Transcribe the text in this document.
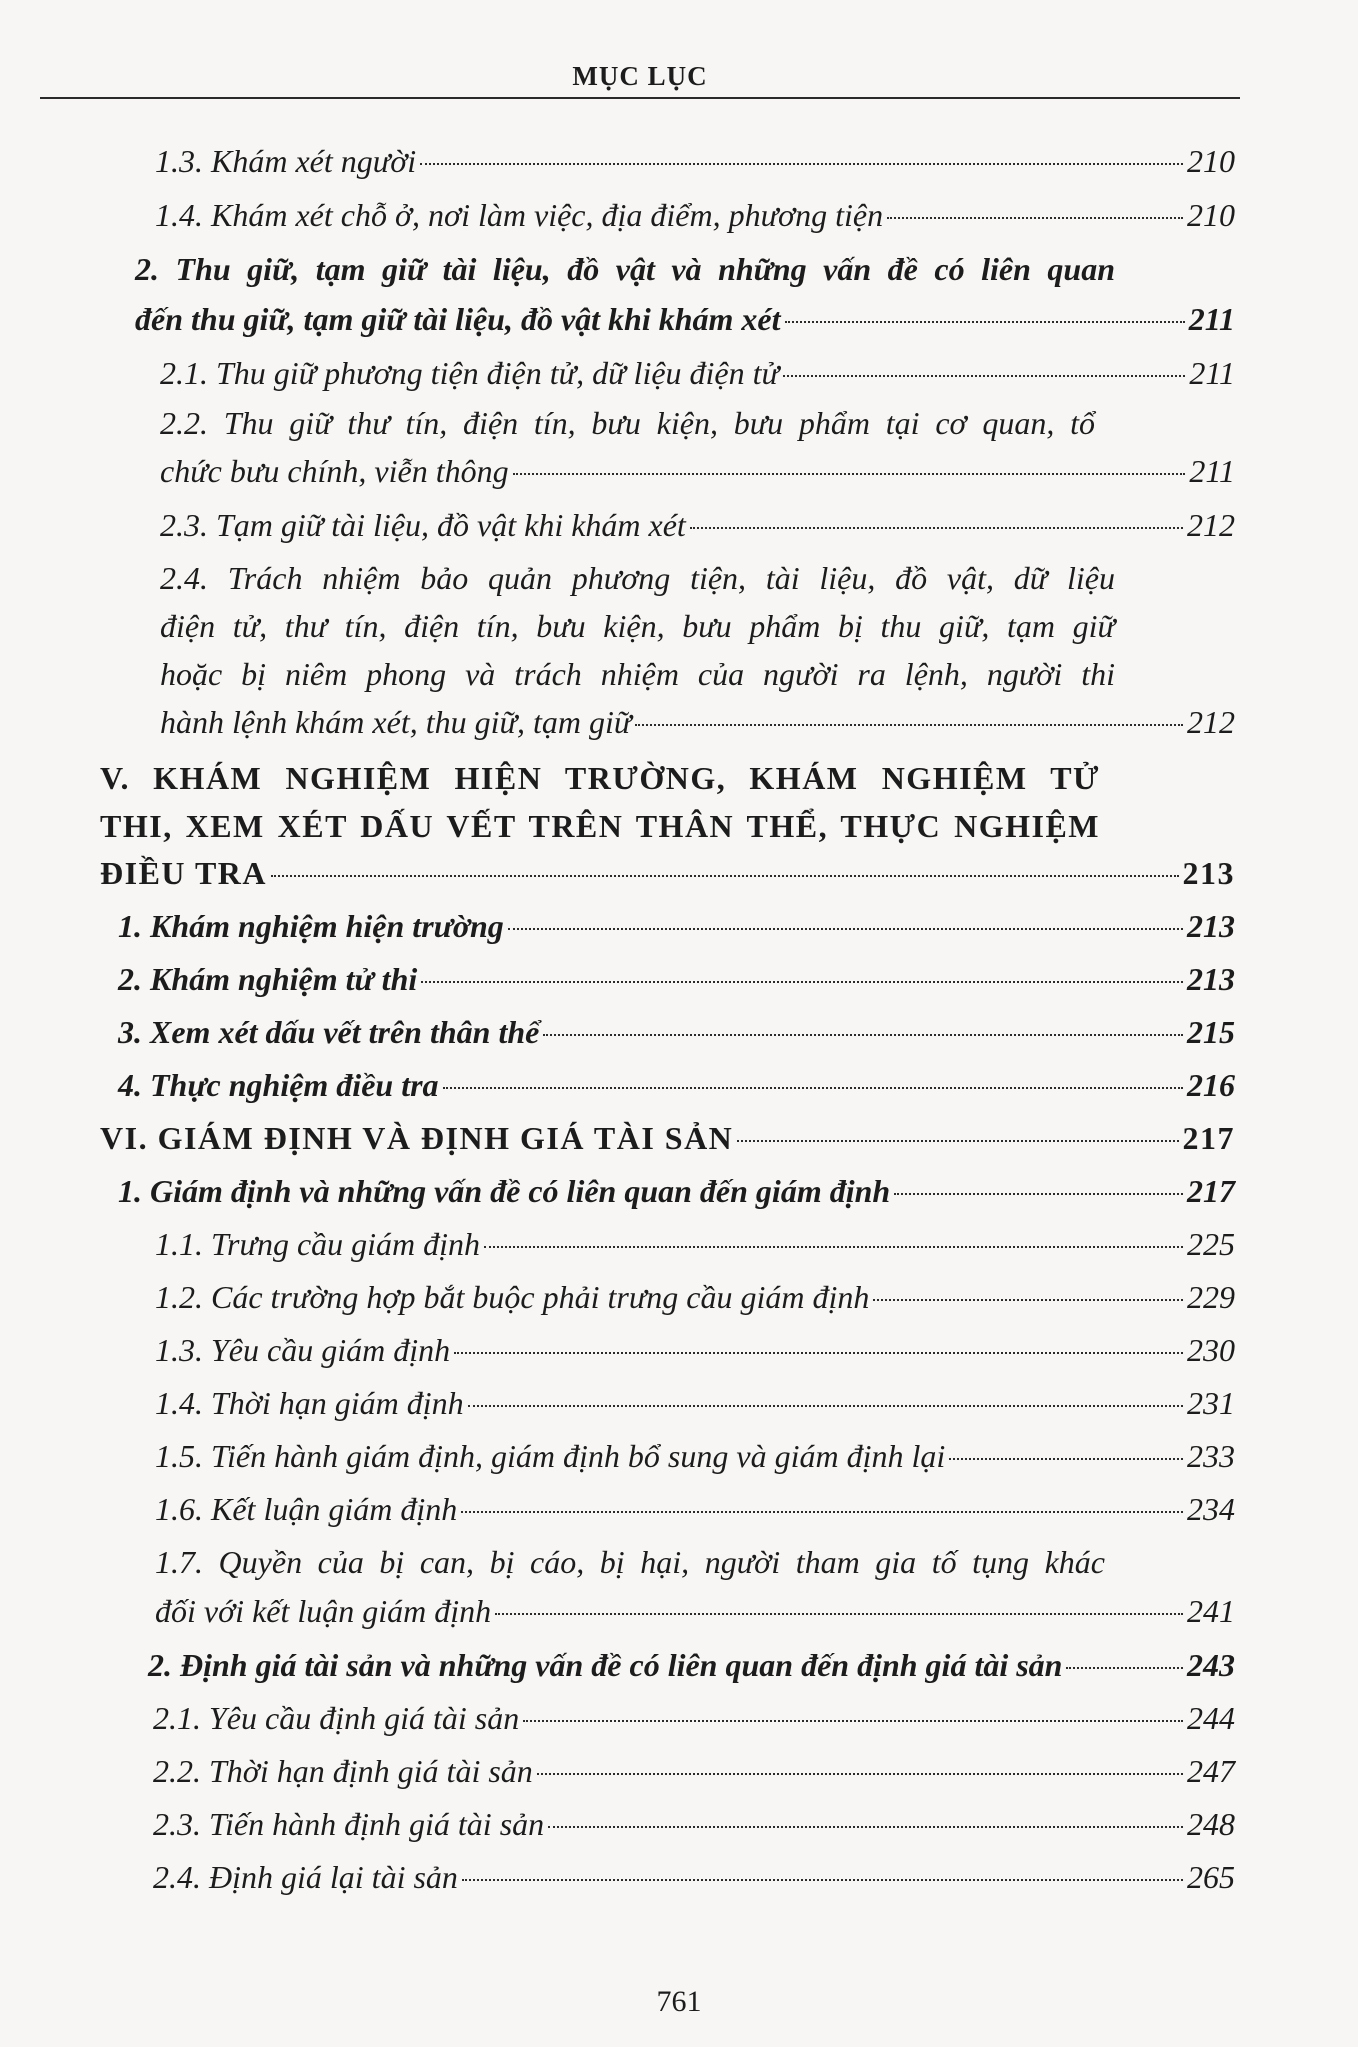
MỤC LỤC
1.3. Khám xét người	210
1.4. Khám xét chỗ ở, nơi làm việc, địa điểm, phương tiện	210
2. Thu giữ, tạm giữ tài liệu, đồ vật và những vấn đề có liên quan
đến thu giữ, tạm giữ tài liệu, đồ vật khi khám xét	211
2.1. Thu giữ phương tiện điện tử, dữ liệu điện tử	211
2.2. Thu giữ thư tín, điện tín, bưu kiện, bưu phẩm tại cơ quan, tổ
chức bưu chính, viễn thông	211
2.3. Tạm giữ tài liệu, đồ vật khi khám xét	212
2.4. Trách nhiệm bảo quản phương tiện, tài liệu, đồ vật, dữ liệu
điện tử, thư tín, điện tín, bưu kiện, bưu phẩm bị thu giữ, tạm giữ
hoặc bị niêm phong và trách nhiệm của người ra lệnh, người thi
hành lệnh khám xét, thu giữ, tạm giữ	212
V. KHÁM NGHIỆM HIỆN TRƯỜNG, KHÁM NGHIỆM TỬ
THI, XEM XÉT DẤU VẾT TRÊN THÂN THỂ, THỰC NGHIỆM
ĐIỀU TRA	213
1. Khám nghiệm hiện trường	213
2. Khám nghiệm tử thi	213
3. Xem xét dấu vết trên thân thể	215
4. Thực nghiệm điều tra	216
VI. GIÁM ĐỊNH VÀ ĐỊNH GIÁ TÀI SẢN	217
1. Giám định và những vấn đề có liên quan đến giám định	217
1.1. Trưng cầu giám định	225
1.2. Các trường hợp bắt buộc phải trưng cầu giám định	229
1.3. Yêu cầu giám định	230
1.4. Thời hạn giám định	231
1.5. Tiến hành giám định, giám định bổ sung và giám định lại	233
1.6. Kết luận giám định	234
1.7. Quyền của bị can, bị cáo, bị hại, người tham gia tố tụng khác
đối với kết luận giám định	241
2. Định giá tài sản và những vấn đề có liên quan đến định giá tài sản	243
2.1. Yêu cầu định giá tài sản	244
2.2. Thời hạn định giá tài sản	247
2.3. Tiến hành định giá tài sản	248
2.4. Định giá lại tài sản	265
761
